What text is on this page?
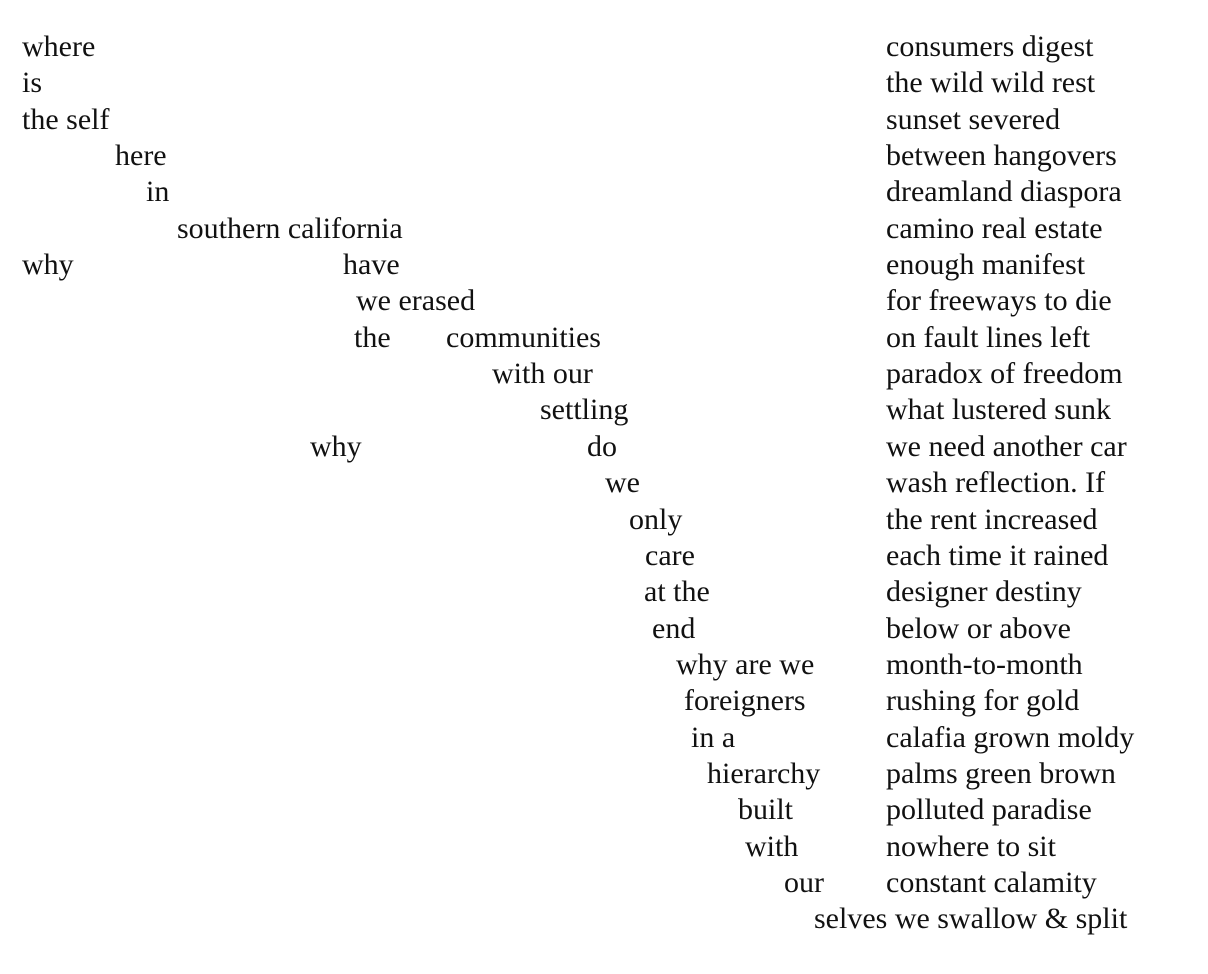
where
is
the self
here
in
southern california
why	have
we erased
the communities
with our
settling
why	do
we
only
care
at the
end
why are we
foreigners
in a
hierarchy
built
with
our
selves we swallow & split
consumers digest
the wild wild rest
sunset severed
between hangovers
dreamland diaspora
camino real estate
enough manifest
for freeways to die
on fault lines left
paradox of freedom
what lustered sunk
we need another car
wash reflection. If
the rent increased
each time it rained
designer destiny
below or above
month-to-month
rushing for gold
calafia grown moldy
palms green brown
polluted paradise
nowhere to sit
constant calamity
